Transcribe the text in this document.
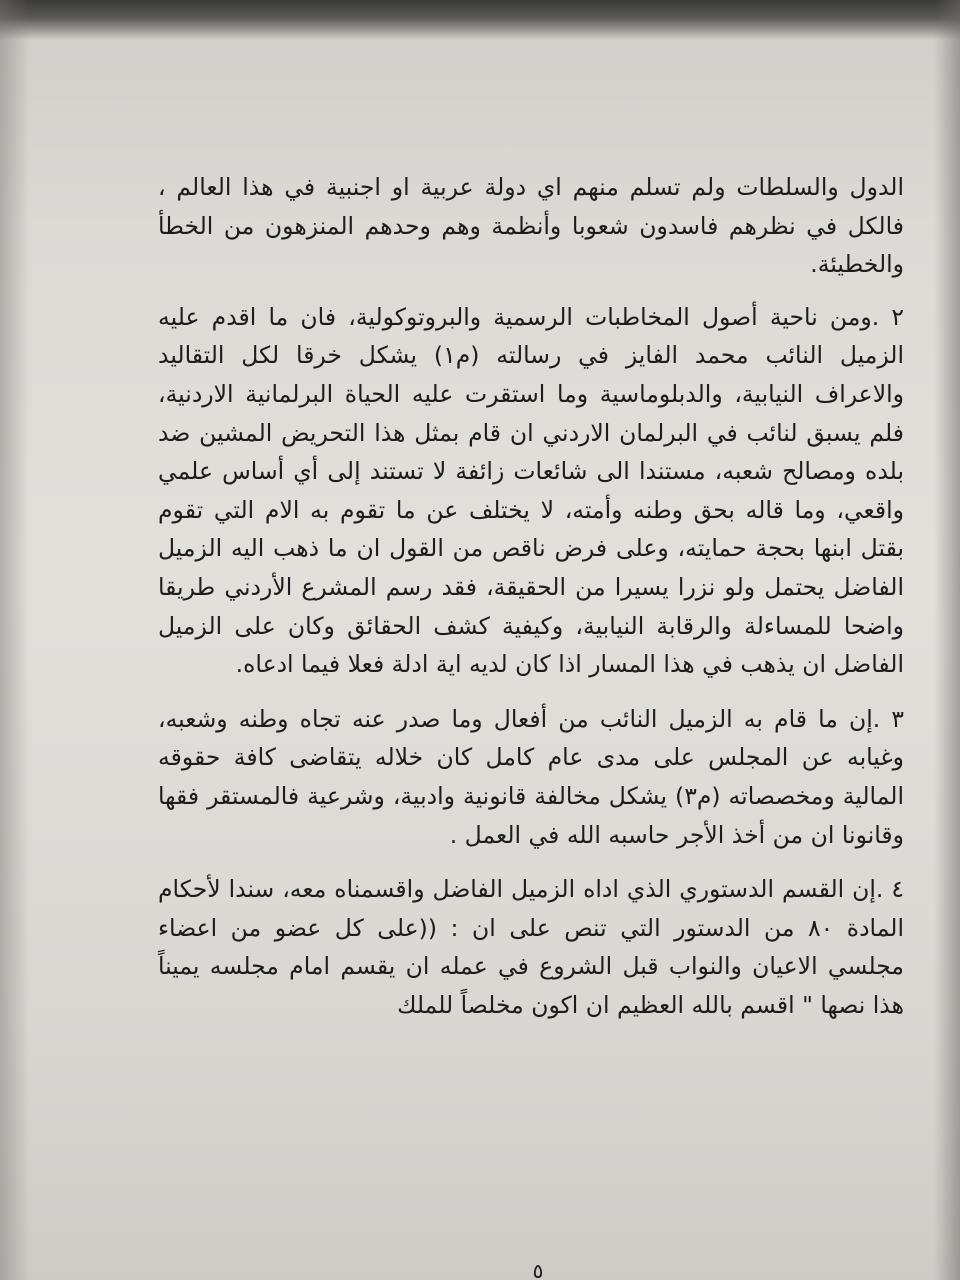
الدول والسلطات ولم تسلم منهم اي دولة عربية او اجنبية في هذا العالم ، فالكل في نظرهم فاسدون شعوبا وأنظمة وهم وحدهم المنزهون من الخطأ والخطيئة.

٢ .ومن ناحية أصول المخاطبات الرسمية والبروتوكولية، فان ما اقدم عليه الزميل النائب محمد الفايز في رسالته (م١) يشكل خرقا لكل التقاليد والاعراف النيابية، والدبلوماسية وما استقرت عليه الحياة البرلمانية الاردنية، فلم يسبق لنائب في البرلمان الاردني ان قام بمثل هذا التحريض المشين ضد بلده ومصالح شعبه، مستندا الى شائعات زائفة لا تستند إلى أي أساس علمي واقعي، وما قاله بحق وطنه وأمته، لا يختلف عن ما تقوم به الام التي تقوم بقتل ابنها بحجة حمايته، وعلى فرض ناقص من القول ان ما ذهب اليه الزميل الفاضل يحتمل ولو نزرا يسيرا من الحقيقة، فقد رسم المشرع الأردني طريقا واضحا للمساءلة والرقابة النيابية، وكيفية كشف الحقائق وكان على الزميل الفاضل ان يذهب في هذا المسار اذا كان لديه اية ادلة فعلا فيما ادعاه.

٣ .إن ما قام به الزميل النائب من أفعال وما صدر عنه تجاه وطنه وشعبه، وغيابه عن المجلس على مدى عام كامل كان خلاله يتقاضى كافة حقوقه المالية ومخصصاته (م٣) يشكل مخالفة قانونية وادبية، وشرعية فالمستقر فقها وقانونا ان من أخذ الأجر حاسبه الله في العمل .

٤ .إن القسم الدستوري الذي اداه الزميل الفاضل واقسمناه معه، سندا لأحكام المادة ٨٠ من الدستور التي تنص على ان : ((على كل عضو من اعضاء مجلسي الاعيان والنواب قبل الشروع في عمله ان يقسم امام مجلسه يميناً هذا نصها " اقسم بالله العظيم ان اكون مخلصاً للملك

٥
